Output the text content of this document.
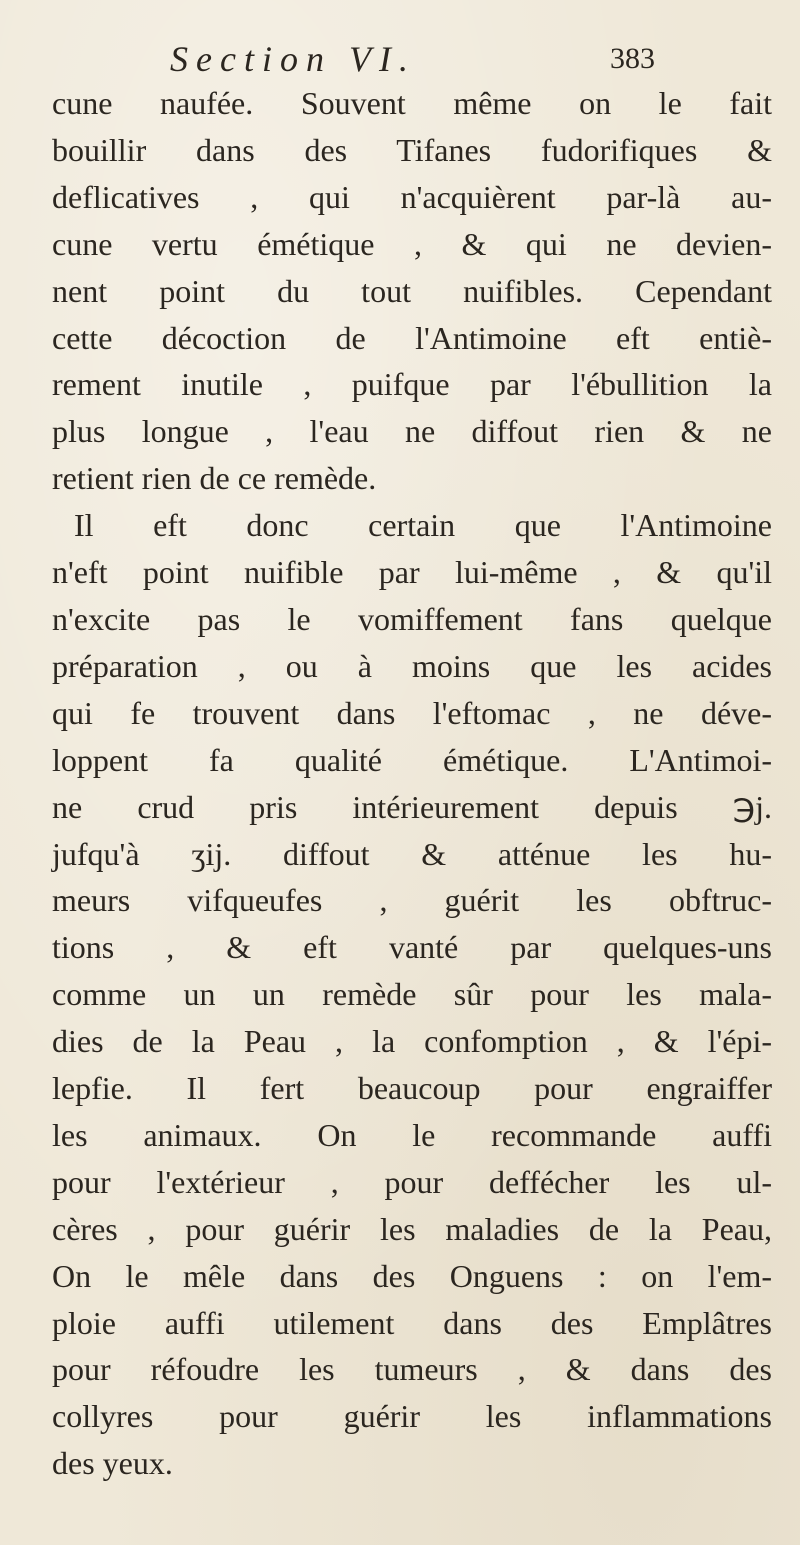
Section VI.	383
cune naufée. Souvent même on le fait
bouillir dans des Tifanes fudorifiques &
deflicatives , qui n'acquièrent par-là au-
cune vertu émétique , & qui ne devien-
nent point du tout nuifibles. Cependant
cette décoction de l'Antimoine eft entiè-
rement inutile , puifque par l'ébullition la
plus longue , l'eau ne diffout rien & ne
retient rien de ce remède.
Il eft donc certain que l'Antimoine
n'eft point nuifible par lui-même , & qu'il
n'excite pas le vomiffement fans quelque
préparation , ou à moins que les acides
qui fe trouvent dans l'eftomac , ne déve-
loppent fa qualité émétique. L'Antimoi-
ne crud pris intérieurement depuis ℈j.
jufqu'à ʒij. diffout & atténue les hu-
meurs vifqueufes , guérit les obftruc-
tions , & eft vanté par quelques-uns
comme un un remède sûr pour les mala-
dies de la Peau , la confomption , & l'épi-
lepfie. Il fert beaucoup pour engraiffer
les animaux. On le recommande auffi
pour l'extérieur , pour deffécher les ul-
cères , pour guérir les maladies de la Peau,
On le mêle dans des Onguens : on l'em-
ploie auffi utilement dans des Emplâtres
pour réfoudre les tumeurs , & dans des
collyres pour guérir les inflammations
des yeux.
